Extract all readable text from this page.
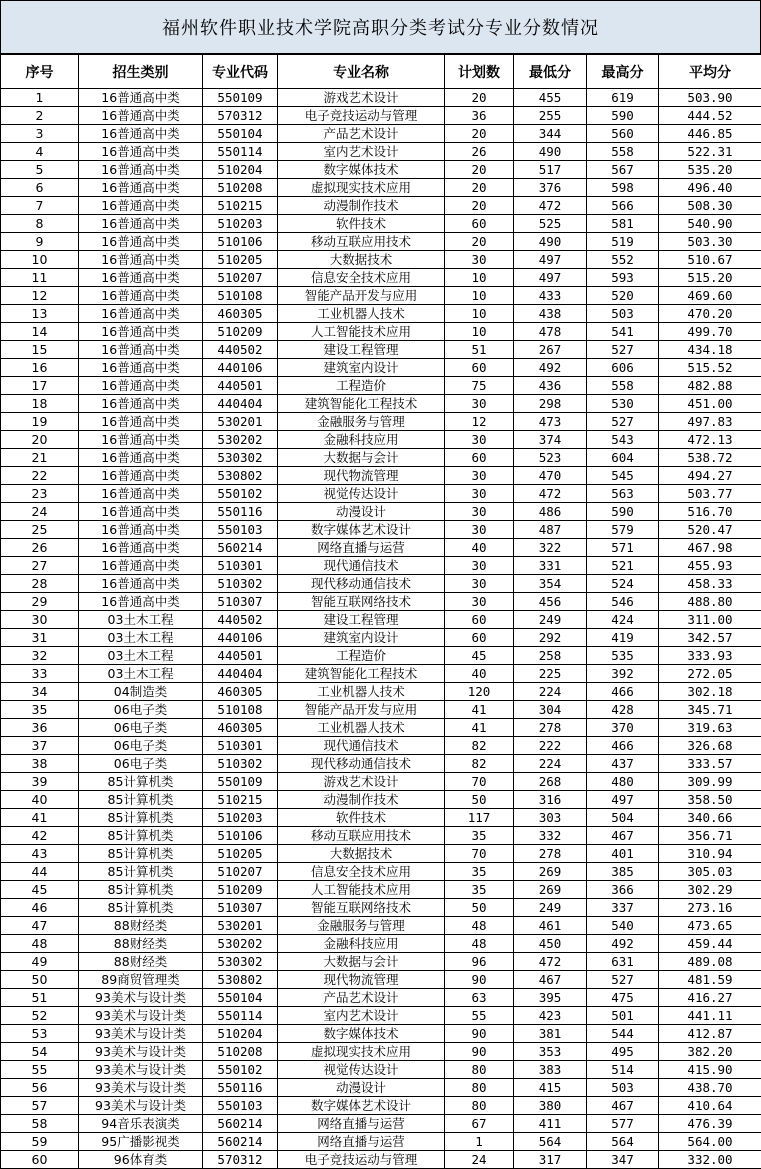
福州软件职业技术学院高职分类考试分专业分数情况
序号	招生类别	专业代码	专业名称	计划数	最低分	最高分	平均分
1	16普通高中类	550109	游戏艺术设计	20	455	619	503.90
2	16普通高中类	570312	电子竞技运动与管理	36	255	590	444.52
3	16普通高中类	550104	产品艺术设计	20	344	560	446.85
4	16普通高中类	550114	室内艺术设计	26	490	558	522.31
5	16普通高中类	510204	数字媒体技术	20	517	567	535.20
6	16普通高中类	510208	虚拟现实技术应用	20	376	598	496.40
7	16普通高中类	510215	动漫制作技术	20	472	566	508.30
8	16普通高中类	510203	软件技术	60	525	581	540.90
9	16普通高中类	510106	移动互联应用技术	20	490	519	503.30
10	16普通高中类	510205	大数据技术	30	497	552	510.67
11	16普通高中类	510207	信息安全技术应用	10	497	593	515.20
12	16普通高中类	510108	智能产品开发与应用	10	433	520	469.60
13	16普通高中类	460305	工业机器人技术	10	438	503	470.20
14	16普通高中类	510209	人工智能技术应用	10	478	541	499.70
15	16普通高中类	440502	建设工程管理	51	267	527	434.18
16	16普通高中类	440106	建筑室内设计	60	492	606	515.52
17	16普通高中类	440501	工程造价	75	436	558	482.88
18	16普通高中类	440404	建筑智能化工程技术	30	298	530	451.00
19	16普通高中类	530201	金融服务与管理	12	473	527	497.83
20	16普通高中类	530202	金融科技应用	30	374	543	472.13
21	16普通高中类	530302	大数据与会计	60	523	604	538.72
22	16普通高中类	530802	现代物流管理	30	470	545	494.27
23	16普通高中类	550102	视觉传达设计	30	472	563	503.77
24	16普通高中类	550116	动漫设计	30	486	590	516.70
25	16普通高中类	550103	数字媒体艺术设计	30	487	579	520.47
26	16普通高中类	560214	网络直播与运营	40	322	571	467.98
27	16普通高中类	510301	现代通信技术	30	331	521	455.93
28	16普通高中类	510302	现代移动通信技术	30	354	524	458.33
29	16普通高中类	510307	智能互联网络技术	30	456	546	488.80
30	03土木工程	440502	建设工程管理	60	249	424	311.00
31	03土木工程	440106	建筑室内设计	60	292	419	342.57
32	03土木工程	440501	工程造价	45	258	535	333.93
33	03土木工程	440404	建筑智能化工程技术	40	225	392	272.05
34	04制造类	460305	工业机器人技术	120	224	466	302.18
35	06电子类	510108	智能产品开发与应用	41	304	428	345.71
36	06电子类	460305	工业机器人技术	41	278	370	319.63
37	06电子类	510301	现代通信技术	82	222	466	326.68
38	06电子类	510302	现代移动通信技术	82	224	437	333.57
39	85计算机类	550109	游戏艺术设计	70	268	480	309.99
40	85计算机类	510215	动漫制作技术	50	316	497	358.50
41	85计算机类	510203	软件技术	117	303	504	340.66
42	85计算机类	510106	移动互联应用技术	35	332	467	356.71
43	85计算机类	510205	大数据技术	70	278	401	310.94
44	85计算机类	510207	信息安全技术应用	35	269	385	305.03
45	85计算机类	510209	人工智能技术应用	35	269	366	302.29
46	85计算机类	510307	智能互联网络技术	50	249	337	273.16
47	88财经类	530201	金融服务与管理	48	461	540	473.65
48	88财经类	530202	金融科技应用	48	450	492	459.44
49	88财经类	530302	大数据与会计	96	472	631	489.08
50	89商贸管理类	530802	现代物流管理	90	467	527	481.59
51	93美术与设计类	550104	产品艺术设计	63	395	475	416.27
52	93美术与设计类	550114	室内艺术设计	55	423	501	441.11
53	93美术与设计类	510204	数字媒体技术	90	381	544	412.87
54	93美术与设计类	510208	虚拟现实技术应用	90	353	495	382.20
55	93美术与设计类	550102	视觉传达设计	80	383	514	415.90
56	93美术与设计类	550116	动漫设计	80	415	503	438.70
57	93美术与设计类	550103	数字媒体艺术设计	80	380	467	410.64
58	94音乐表演类	560214	网络直播与运营	67	411	577	476.39
59	95广播影视类	560214	网络直播与运营	1	564	564	564.00
60	96体育类	570312	电子竞技运动与管理	24	317	347	332.00
